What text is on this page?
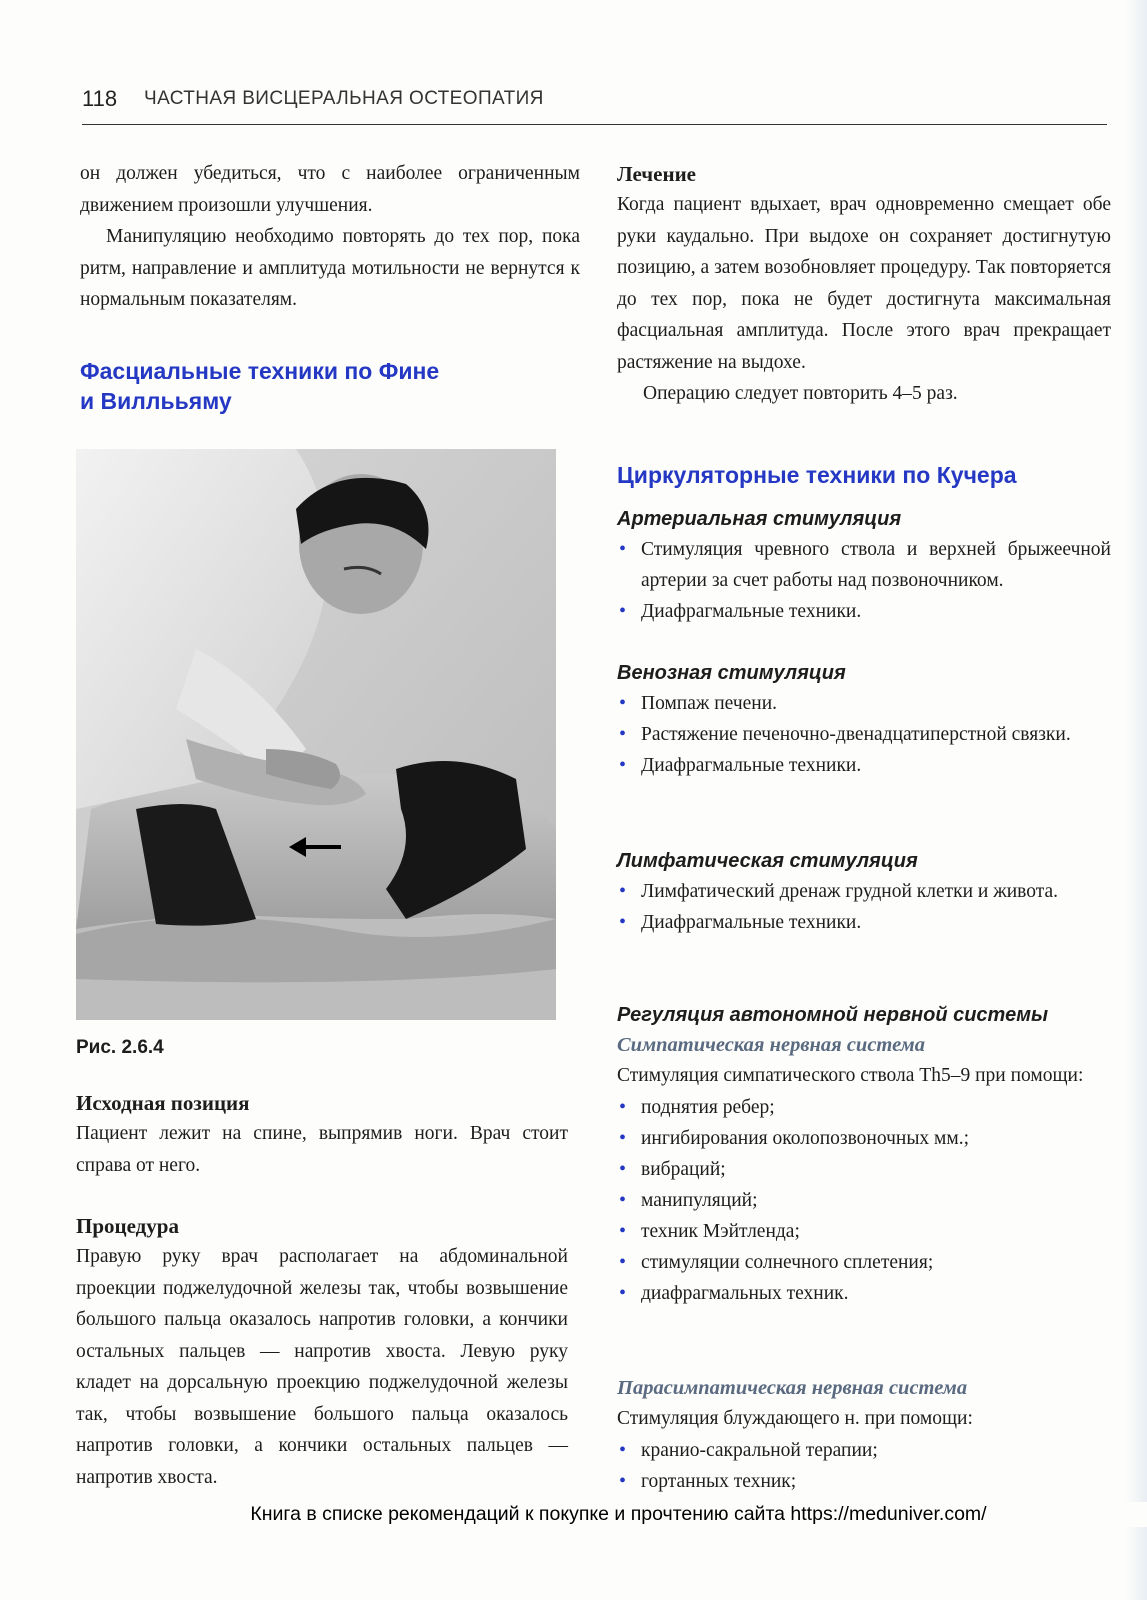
118 ЧАСТНАЯ ВИСЦЕРАЛЬНАЯ ОСТЕОПАТИЯ

он должен убедиться, что с наиболее ограниченным движением произошли улучшения.

Манипуляцию необходимо повторять до тех пор, пока ритм, направление и амплитуда мотильности не вернутся к нормальным показателям.

Фасциальные техники по Фине
и Виллььяму
Рис. 2.6.4
Исходная позиция

Пациент лежит на спине, выпрямив ноги. Врач стоит справа от него.

Процедура

Правую руку врач располагает на абдоминальной проекции поджелудочной железы так, чтобы возвышение большого пальца оказалось напротив головки, а кончики остальных пальцев — напротив хвоста. Левую руку кладет на дорсальную проекцию поджелудочной железы так, чтобы возвышение большого пальца оказалось напротив головки, а кончики остальных пальцев — напротив хвоста.

Лечение

Когда пациент вдыхает, врач одновременно смещает обе руки каудально. При выдохе он сохраняет достигнутую позицию, а затем возобновляет процедуру. Так повторяется до тех пор, пока не будет достигнута максимальная фасциальная амплитуда. После этого врач прекращает растяжение на выдохе.

Операцию следует повторить 4–5 раз.

Циркуляторные техники по Кучера
Артериальная стимуляция
• Стимуляция чревного ствола и верхней брыжеечной артерии за счет работы над позвоночником.
• Диафрагмальные техники.
Венозная стимуляция
• Помпаж печени.
• Растяжение печеночно-двенадцатиперстной связки.
• Диафрагмальные техники.
Лимфатическая стимуляция
• Лимфатический дренаж грудной клетки и живота.
• Диафрагмальные техники.
Регуляция автономной нервной системы
Симпатическая нервная система

Стимуляция симпатического ствола Th5–9 при помощи:

• поднятия ребер;
• ингибирования околопозвоночных мм.;
• вибраций;
• манипуляций;
• техник Мэйтленда;
• стимуляции солнечного сплетения;
• диафрагмальных техник.
Парасимпатическая нервная система

Стимуляция блуждающего н. при помощи:

• кранио-сакральной терапии;
• гортанных техник;
Книга в списке рекомендаций к покупке и прочтению сайта https://meduniver.com/
